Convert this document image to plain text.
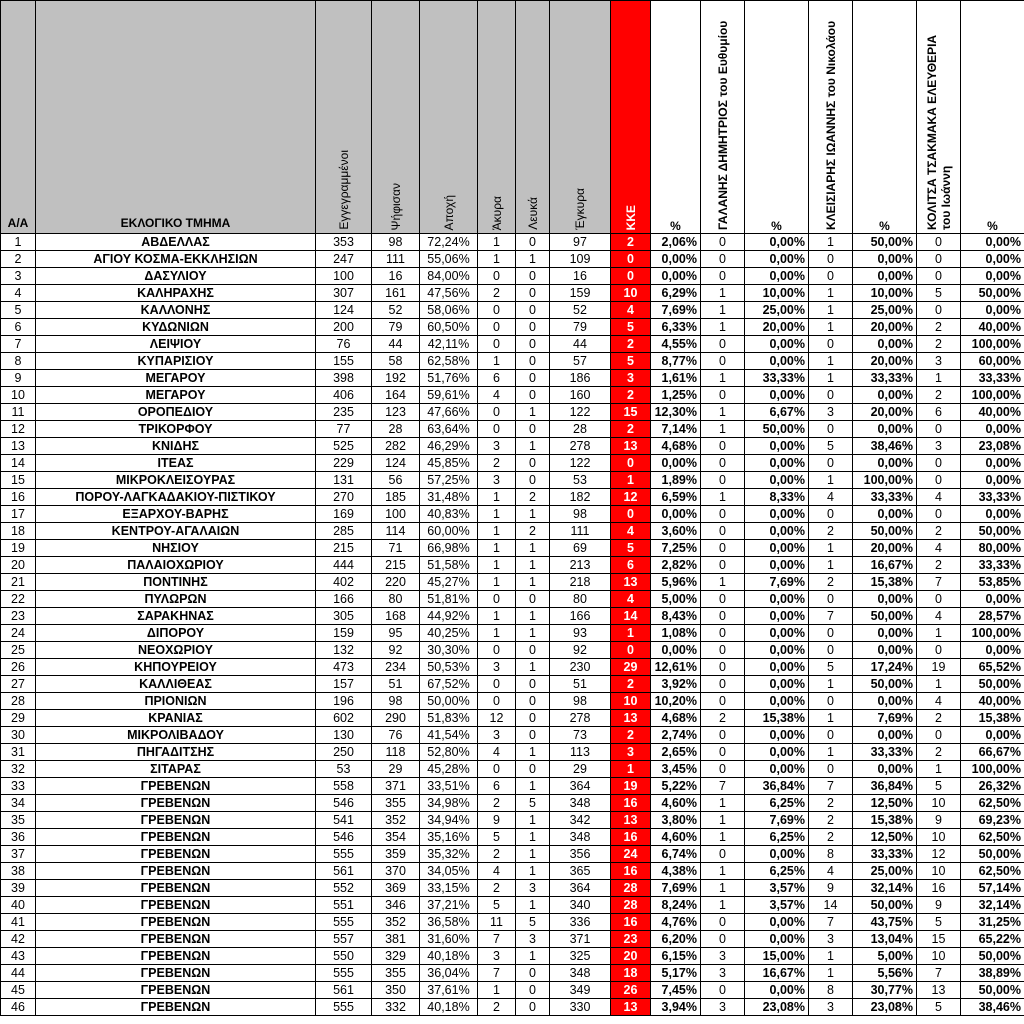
Α/Α	ΕΚΛΟΓΙΚΟ ΤΜΗΜΑ	Εγγεγραμμένοι	Ψήφισαν	Αποχή	Άκυρα	Λευκά	Έγκυρα	ΚΚΕ	%	ΓΑΛΑΝΗΣ ΔΗΜΗΤΡΙΟΣ του Ευθυμίου	%	ΚΛΕΙΣΙΑΡΗΣ ΙΩΑΝΝΗΣ του Νικολάου	%	ΚΟΛΙΤΣΑ ΤΣΑΚΜΑΚΑ ΕΛΕΥΘΕΡΙΑ του Ιωάννη	%
1	ΑΒΔΕΛΛΑΣ	353	98	72,24%	1	0	97	2	2,06%	0	0,00%	1	50,00%	0	0,00%
2	ΑΓΙΟΥ ΚΟΣΜΑ-ΕΚΚΛΗΣΙΩΝ	247	111	55,06%	1	1	109	0	0,00%	0	0,00%	0	0,00%	0	0,00%
3	ΔΑΣΥΛΙΟΥ	100	16	84,00%	0	0	16	0	0,00%	0	0,00%	0	0,00%	0	0,00%
4	ΚΑΛΗΡΑΧΗΣ	307	161	47,56%	2	0	159	10	6,29%	1	10,00%	1	10,00%	5	50,00%
5	ΚΑΛΛΟΝΗΣ	124	52	58,06%	0	0	52	4	7,69%	1	25,00%	1	25,00%	0	0,00%
6	ΚΥΔΩΝΙΩΝ	200	79	60,50%	0	0	79	5	6,33%	1	20,00%	1	20,00%	2	40,00%
7	ΛΕΙΨΙΟΥ	76	44	42,11%	0	0	44	2	4,55%	0	0,00%	0	0,00%	2	100,00%
8	ΚΥΠΑΡΙΣΙΟΥ	155	58	62,58%	1	0	57	5	8,77%	0	0,00%	1	20,00%	3	60,00%
9	ΜΕΓΑΡΟΥ	398	192	51,76%	6	0	186	3	1,61%	1	33,33%	1	33,33%	1	33,33%
10	ΜΕΓΑΡΟΥ	406	164	59,61%	4	0	160	2	1,25%	0	0,00%	0	0,00%	2	100,00%
11	ΟΡΟΠΕΔΙΟΥ	235	123	47,66%	0	1	122	15	12,30%	1	6,67%	3	20,00%	6	40,00%
12	ΤΡΙΚΟΡΦΟΥ	77	28	63,64%	0	0	28	2	7,14%	1	50,00%	0	0,00%	0	0,00%
13	ΚΝΙΔΗΣ	525	282	46,29%	3	1	278	13	4,68%	0	0,00%	5	38,46%	3	23,08%
14	ΙΤΕΑΣ	229	124	45,85%	2	0	122	0	0,00%	0	0,00%	0	0,00%	0	0,00%
15	ΜΙΚΡΟΚΛΕΙΣΟΥΡΑΣ	131	56	57,25%	3	0	53	1	1,89%	0	0,00%	1	100,00%	0	0,00%
16	ΠΟΡΟΥ-ΛΑΓΚΑΔΑΚΙΟΥ-ΠΙΣΤΙΚΟΥ	270	185	31,48%	1	2	182	12	6,59%	1	8,33%	4	33,33%	4	33,33%
17	ΕΞΑΡΧΟΥ-ΒΑΡΗΣ	169	100	40,83%	1	1	98	0	0,00%	0	0,00%	0	0,00%	0	0,00%
18	ΚΕΝΤΡΟΥ-ΑΓΑΛΑΙΩΝ	285	114	60,00%	1	2	111	4	3,60%	0	0,00%	2	50,00%	2	50,00%
19	ΝΗΣΙΟΥ	215	71	66,98%	1	1	69	5	7,25%	0	0,00%	1	20,00%	4	80,00%
20	ΠΑΛΑΙΟΧΩΡΙΟΥ	444	215	51,58%	1	1	213	6	2,82%	0	0,00%	1	16,67%	2	33,33%
21	ΠΟΝΤΙΝΗΣ	402	220	45,27%	1	1	218	13	5,96%	1	7,69%	2	15,38%	7	53,85%
22	ΠΥΛΩΡΩΝ	166	80	51,81%	0	0	80	4	5,00%	0	0,00%	0	0,00%	0	0,00%
23	ΣΑΡΑΚΗΝΑΣ	305	168	44,92%	1	1	166	14	8,43%	0	0,00%	7	50,00%	4	28,57%
24	ΔΙΠΟΡΟΥ	159	95	40,25%	1	1	93	1	1,08%	0	0,00%	0	0,00%	1	100,00%
25	ΝΕΟΧΩΡΙΟΥ	132	92	30,30%	0	0	92	0	0,00%	0	0,00%	0	0,00%	0	0,00%
26	ΚΗΠΟΥΡΕΙΟΥ	473	234	50,53%	3	1	230	29	12,61%	0	0,00%	5	17,24%	19	65,52%
27	ΚΑΛΛΙΘΕΑΣ	157	51	67,52%	0	0	51	2	3,92%	0	0,00%	1	50,00%	1	50,00%
28	ΠΡΙΟΝΙΩΝ	196	98	50,00%	0	0	98	10	10,20%	0	0,00%	0	0,00%	4	40,00%
29	ΚΡΑΝΙΑΣ	602	290	51,83%	12	0	278	13	4,68%	2	15,38%	1	7,69%	2	15,38%
30	ΜΙΚΡΟΛΙΒΑΔΟΥ	130	76	41,54%	3	0	73	2	2,74%	0	0,00%	0	0,00%	0	0,00%
31	ΠΗΓΑΔΙΤΣΗΣ	250	118	52,80%	4	1	113	3	2,65%	0	0,00%	1	33,33%	2	66,67%
32	ΣΙΤΑΡΑΣ	53	29	45,28%	0	0	29	1	3,45%	0	0,00%	0	0,00%	1	100,00%
33	ΓΡΕΒΕΝΩΝ	558	371	33,51%	6	1	364	19	5,22%	7	36,84%	7	36,84%	5	26,32%
34	ΓΡΕΒΕΝΩΝ	546	355	34,98%	2	5	348	16	4,60%	1	6,25%	2	12,50%	10	62,50%
35	ΓΡΕΒΕΝΩΝ	541	352	34,94%	9	1	342	13	3,80%	1	7,69%	2	15,38%	9	69,23%
36	ΓΡΕΒΕΝΩΝ	546	354	35,16%	5	1	348	16	4,60%	1	6,25%	2	12,50%	10	62,50%
37	ΓΡΕΒΕΝΩΝ	555	359	35,32%	2	1	356	24	6,74%	0	0,00%	8	33,33%	12	50,00%
38	ΓΡΕΒΕΝΩΝ	561	370	34,05%	4	1	365	16	4,38%	1	6,25%	4	25,00%	10	62,50%
39	ΓΡΕΒΕΝΩΝ	552	369	33,15%	2	3	364	28	7,69%	1	3,57%	9	32,14%	16	57,14%
40	ΓΡΕΒΕΝΩΝ	551	346	37,21%	5	1	340	28	8,24%	1	3,57%	14	50,00%	9	32,14%
41	ΓΡΕΒΕΝΩΝ	555	352	36,58%	11	5	336	16	4,76%	0	0,00%	7	43,75%	5	31,25%
42	ΓΡΕΒΕΝΩΝ	557	381	31,60%	7	3	371	23	6,20%	0	0,00%	3	13,04%	15	65,22%
43	ΓΡΕΒΕΝΩΝ	550	329	40,18%	3	1	325	20	6,15%	3	15,00%	1	5,00%	10	50,00%
44	ΓΡΕΒΕΝΩΝ	555	355	36,04%	7	0	348	18	5,17%	3	16,67%	1	5,56%	7	38,89%
45	ΓΡΕΒΕΝΩΝ	561	350	37,61%	1	0	349	26	7,45%	0	0,00%	8	30,77%	13	50,00%
46	ΓΡΕΒΕΝΩΝ	555	332	40,18%	2	0	330	13	3,94%	3	23,08%	3	23,08%	5	38,46%
